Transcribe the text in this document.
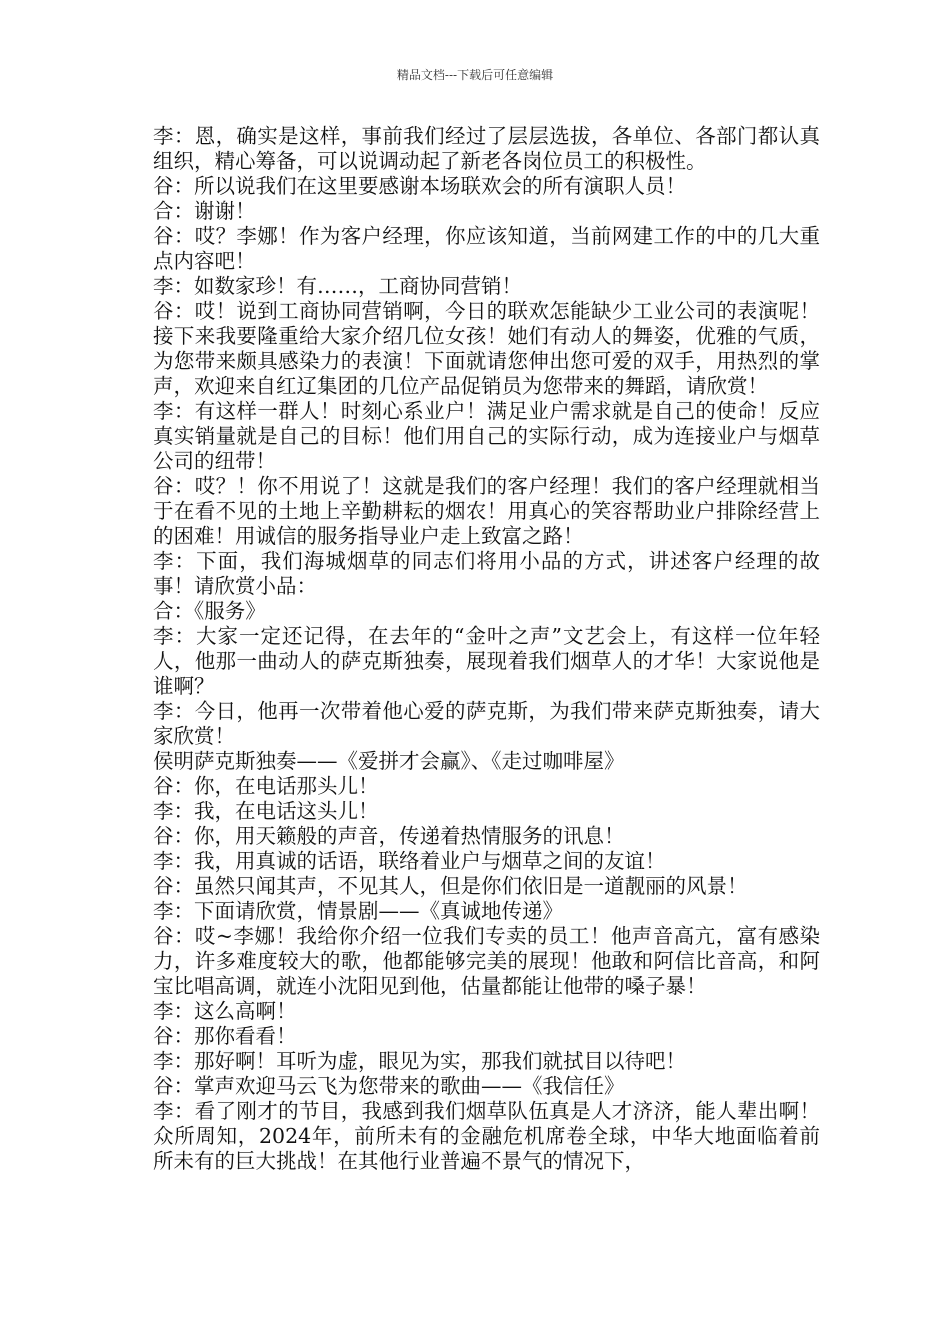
精品文档---下载后可任意编辑

李：恩，确实是这样，事前我们经过了层层选拔，各单位、各部门都认真组织，精心筹备，可以说调动起了新老各岗位员工的积极性。

谷：所以说我们在这里要感谢本场联欢会的所有演职人员！

合：谢谢！

谷：哎？李娜！作为客户经理，你应该知道，当前网建工作的中的几大重点内容吧！

李：如数家珍！有……，工商协同营销！

谷：哎！说到工商协同营销啊，今日的联欢怎能缺少工业公司的表演呢！接下来我要隆重给大家介绍几位女孩！她们有动人的舞姿，优雅的气质，为您带来颇具感染力的表演！下面就请您伸出您可爱的双手，用热烈的掌声，欢迎来自红辽集团的几位产品促销员为您带来的舞蹈，请欣赏！

李：有这样一群人！时刻心系业户！满足业户需求就是自己的使命！反应真实销量就是自己的目标！他们用自己的实际行动，成为连接业户与烟草公司的纽带！

谷：哎？！你不用说了！这就是我们的客户经理！我们的客户经理就相当于在看不见的土地上辛勤耕耘的烟农！用真心的笑容帮助业户排除经营上的困难！用诚信的服务指导业户走上致富之路！

李：下面，我们海城烟草的同志们将用小品的方式，讲述客户经理的故事！请欣赏小品：

合：《服务》

李：大家一定还记得，在去年的“金叶之声”文艺会上，有这样一位年轻人，他那一曲动人的萨克斯独奏，展现着我们烟草人的才华！大家说他是谁啊？

李：今日，他再一次带着他心爱的萨克斯，为我们带来萨克斯独奏，请大家欣赏！

侯明萨克斯独奏——《爱拼才会赢》、《走过咖啡屋》

谷：你，在电话那头儿！

李：我，在电话这头儿！

谷：你，用天籁般的声音，传递着热情服务的讯息！

李：我，用真诚的话语，联络着业户与烟草之间的友谊！

谷：虽然只闻其声，不见其人，但是你们依旧是一道靓丽的风景！

李：下面请欣赏，情景剧——《真诚地传递》

谷：哎~李娜！我给你介绍一位我们专卖的员工！他声音高亢，富有感染力，许多难度较大的歌，他都能够完美的展现！他敢和阿信比音高，和阿宝比唱高调，就连小沈阳见到他，估量都能让他带的嗓子暴！

李：这么高啊！

谷：那你看看！

李：那好啊！耳听为虚，眼见为实，那我们就拭目以待吧！

谷：掌声欢迎马云飞为您带来的歌曲——《我信任》

李：看了刚才的节目，我感到我们烟草队伍真是人才济济，能人辈出啊！众所周知，2024年，前所未有的金融危机席卷全球，中华大地面临着前所未有的巨大挑战！在其他行业普遍不景气的情况下，
